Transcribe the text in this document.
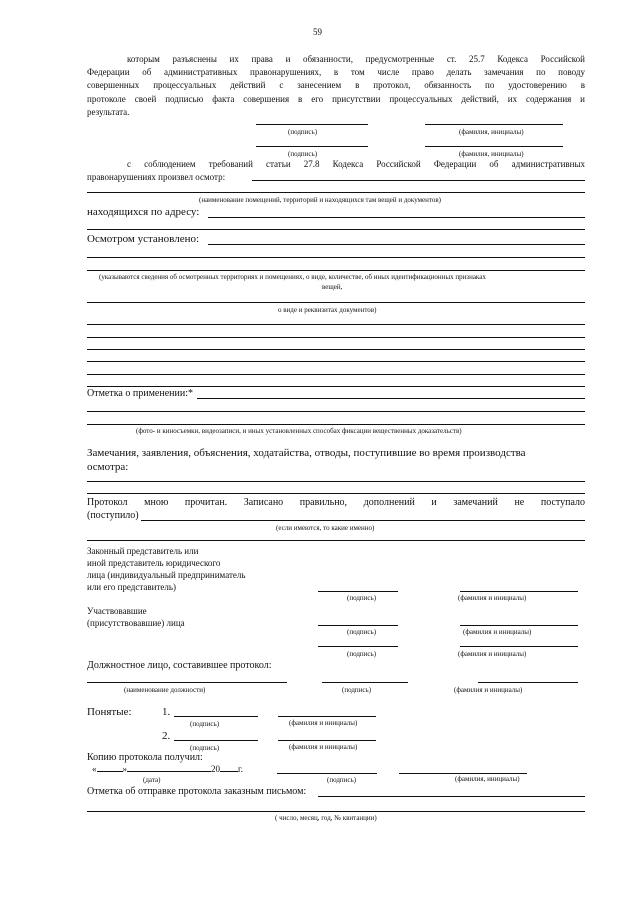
59
которым разъяснены их права и обязанности, предусмотренные ст. 25.7 Кодекса Российской
Федерации об административных правонарушениях, в том числе право делать замечания по поводу
совершенных процессуальных действий с занесением в протокол, обязанность по удостоверению в
протоколе своей подписью факта совершения в его присутствии процессуальных действий, их содержания и
результата.
(подпись)	(фамилия, инициалы)
(подпись)	(фамилия, инициалы)
с соблюдением требований статьи 27.8 Кодекса Российской Федерации об административных
правонарушениях произвел осмотр:
(наименование помещений, территорий и находящихся там вещей и документов)
находящихся по адресу:
Осмотром установлено:
(указываются сведения об осмотренных территориях и помещениях, о виде, количестве, об иных идентификационных признаках
вещей,
о виде и реквизитах документов)
Отметка о применении:*
(фото- и киносъемки, видеозаписи, и иных установленных способах фиксации вещественных доказательств)
Замечания, заявления, объяснения, ходатайства, отводы, поступившие во время производства
осмотра:
Протокол мною прочитан. Записано правильно, дополнений и замечаний не поступало
(поступило)
(если имеются, то какие именно)
Законный представитель или
иной представитель юридического
лица (индивидуальный предприниматель
или его представитель)
(подпись)	(фамилия и инициалы)
Участвовавшие
(присутствовавшие) лица
(подпись)	(фамилия и инициалы)
(подпись)	(фамилия и инициалы)
Должностное лицо, составившее протокол:
(наименование должности)	(подпись)	(фамилия и инициалы)
Понятые:	1.
(подпись)	(фамилия и инициалы)
2.
(подпись)	(фамилия и инициалы)
Копию протокола получил:
«	»	20 г.
(дата)	(подпись)	(фамилия, инициалы)
Отметка об отправке протокола заказным письмом:
( число, месяц, год, № квитанции)
